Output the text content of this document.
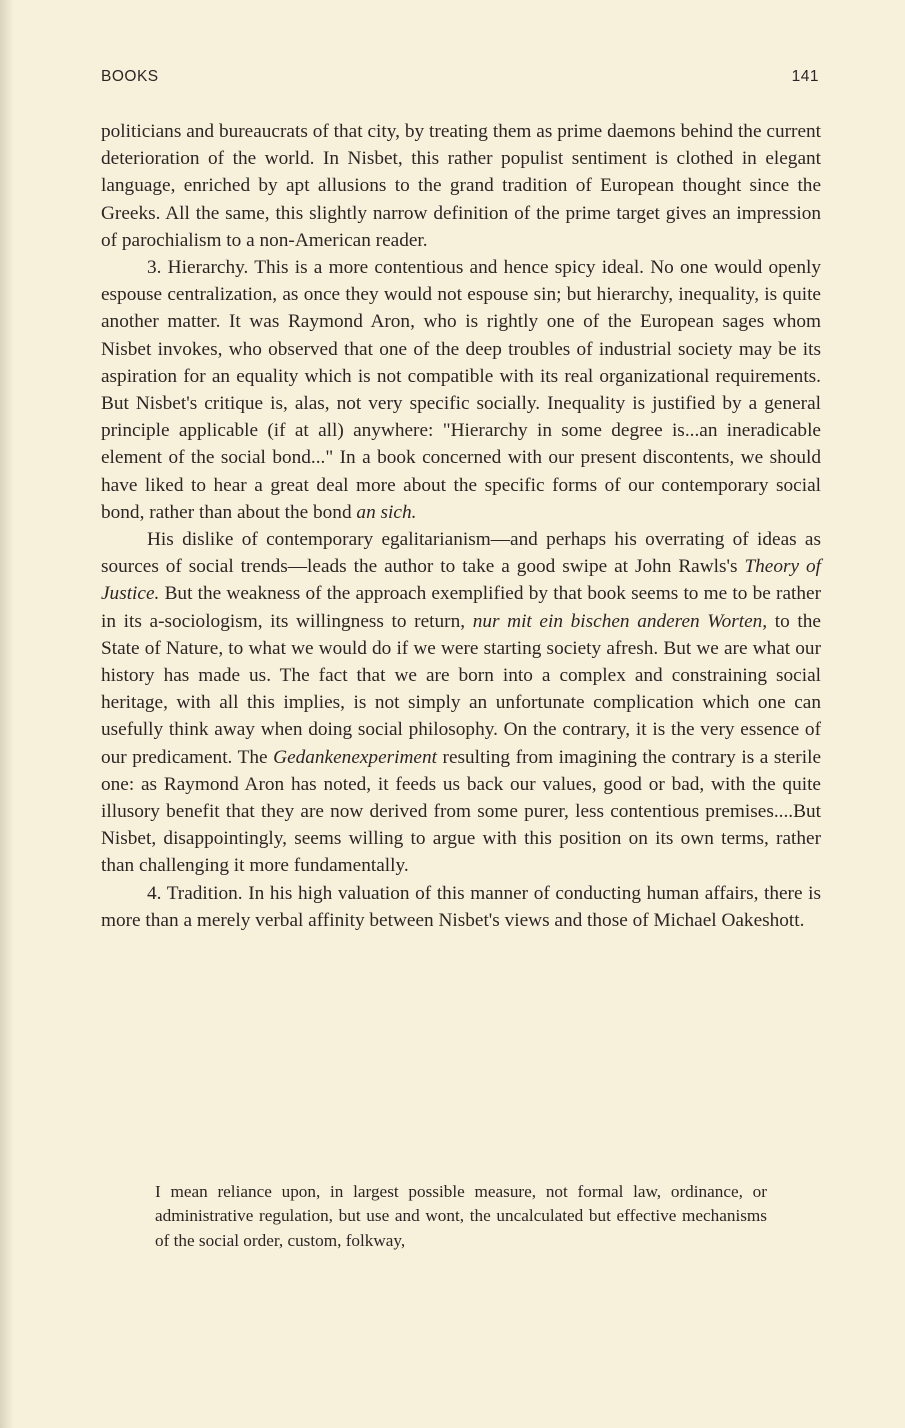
BOOKS	141

politicians and bureaucrats of that city, by treating them as prime daemons behind the current deterioration of the world. In Nisbet, this rather populist sentiment is clothed in elegant language, enriched by apt allusions to the grand tradition of European thought since the Greeks. All the same, this slightly narrow definition of the prime target gives an impression of parochialism to a non-American reader.

3. Hierarchy. This is a more contentious and hence spicy ideal. No one would openly espouse centralization, as once they would not espouse sin; but hierarchy, inequality, is quite another matter. It was Raymond Aron, who is rightly one of the European sages whom Nisbet invokes, who observed that one of the deep troubles of industrial society may be its aspiration for an equality which is not compatible with its real organizational requirements. But Nisbet's critique is, alas, not very specific socially. Inequality is justified by a general principle applicable (if at all) anywhere: "Hierarchy in some degree is...an ineradicable element of the social bond..." In a book concerned with our present discontents, we should have liked to hear a great deal more about the specific forms of our contemporary social bond, rather than about the bond an sich.

His dislike of contemporary egalitarianism—and perhaps his overrating of ideas as sources of social trends—leads the author to take a good swipe at John Rawls's Theory of Justice. But the weakness of the approach exemplified by that book seems to me to be rather in its a-sociologism, its willingness to return, nur mit ein bischen anderen Worten, to the State of Nature, to what we would do if we were starting society afresh. But we are what our history has made us. The fact that we are born into a complex and constraining social heritage, with all this implies, is not simply an unfortunate complication which one can usefully think away when doing social philosophy. On the contrary, it is the very essence of our predicament. The Gedankenexperiment resulting from imagining the contrary is a sterile one: as Raymond Aron has noted, it feeds us back our values, good or bad, with the quite illusory benefit that they are now derived from some purer, less contentious premises....But Nisbet, disappointingly, seems willing to argue with this position on its own terms, rather than challenging it more fundamentally.

4. Tradition. In his high valuation of this manner of conducting human affairs, there is more than a merely verbal affinity between Nisbet's views and those of Michael Oakeshott.

I mean reliance upon, in largest possible measure, not formal law, ordinance, or administrative regulation, but use and wont, the uncalculated but effective mechanisms of the social order, custom, folkway,
